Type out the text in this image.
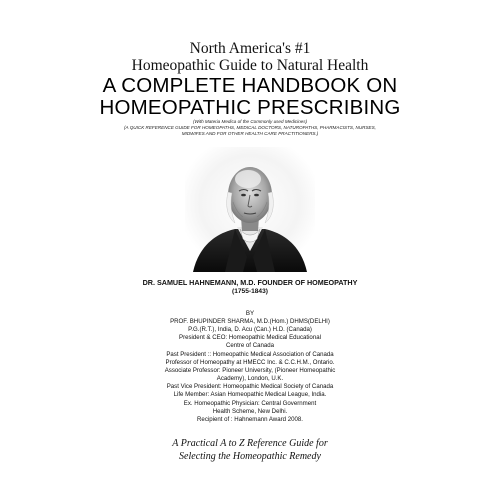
North America's #1
Homeopathic Guide to Natural Health
A COMPLETE HANDBOOK ON
HOMEOPATHIC PRESCRIBING
(With Materia Medica of the Commonly used Medicines)
(A QUICK REFERENCE GUIDE FOR HOMEOPATHS, MEDICAL DOCTORS, NATUROPATHS, PHARMACISTS, NURSES,
MIDWIFES AND FOR OTHER HEALTH CARE PRACTITIONERS.)
DR. SAMUEL HAHNEMANN, M.D. FOUNDER OF HOMEOPATHY
(1755-1843)
BY
PROF. BHUPINDER SHARMA, M.D.(Hom.) DHMS(DELHI)
P.G.(R.T.), India, D. Acu (Can.) H.D. (Canada)
President & CEO: Homeopathic Medical Educational
Centre of Canada
Past President :: Homeopathic Medical Association of Canada
Professor of Homeopathy at HMECC Inc. & C.C.H.M., Ontario.
Associate Professor: Pioneer University, (Pioneer Homeopathic
Academy), London, U.K.
Past Vice President: Homeopathic Medical Society of Canada
Life Member: Asian Homeopathic Medical League, India.
Ex. Homeopathic Physician: Central Government
Health Scheme, New Delhi.
Recipient of : Hahnemann Award 2008.
A Practical A to Z Reference Guide for
Selecting the Homeopathic Remedy
